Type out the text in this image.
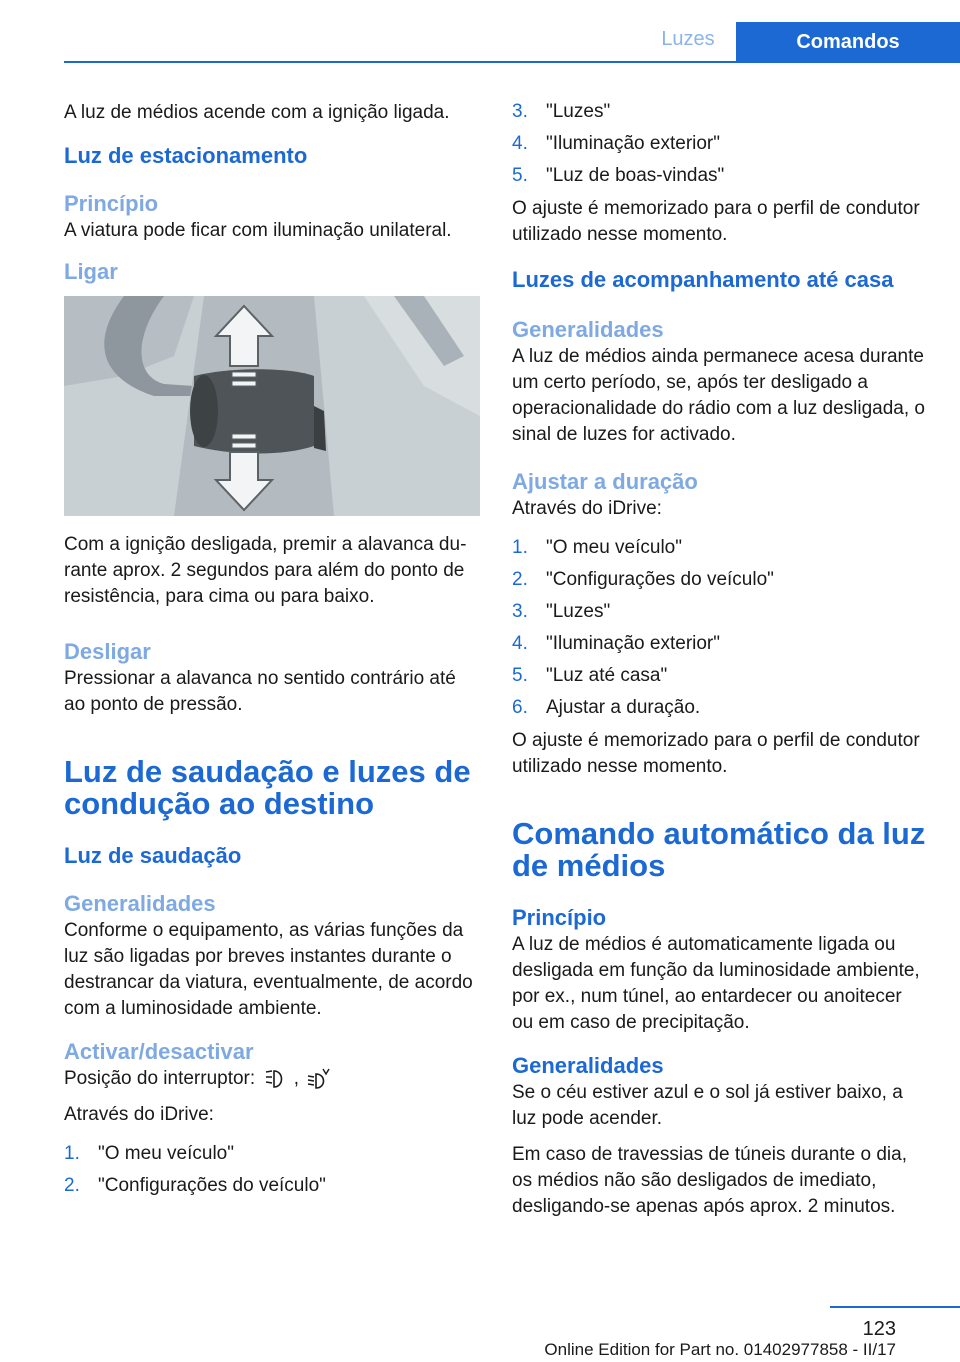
Luzes	Comandos

A luz de médios acende com a ignição ligada.

Luz de estacionamento
Princípio

A viatura pode ficar com iluminação unilateral.

Ligar

Com a ignição desligada, premir a alavanca durante aprox. 2 segundos para além do ponto de resistência, para cima ou para baixo.

Desligar

Pressionar a alavanca no sentido contrário até ao ponto de pressão.

Luz de saudação e luzes de condução ao destino
Luz de saudação
Generalidades

Conforme o equipamento, as várias funções da luz são ligadas por breves instantes durante o destrancar da viatura, eventualmente, de acordo com a luminosidade ambiente.

Activar/desactivar

Posição do interruptor: ,

Através do iDrive:

1. "O meu veículo"
2. "Configurações do veículo"
3. "Luzes"
4. "Iluminação exterior"
5. "Luz de boas-vindas"

O ajuste é memorizado para o perfil de condutor utilizado nesse momento.

Luzes de acompanhamento até casa
Generalidades

A luz de médios ainda permanece acesa durante um certo período, se, após ter desligado a operacionalidade do rádio com a luz desligada, o sinal de luzes for activado.

Ajustar a duração

Através do iDrive:

1. "O meu veículo"
2. "Configurações do veículo"
3. "Luzes"
4. "Iluminação exterior"
5. "Luz até casa"
6. Ajustar a duração.

O ajuste é memorizado para o perfil de condutor utilizado nesse momento.

Comando automático da luz de médios
Princípio

A luz de médios é automaticamente ligada ou desligada em função da luminosidade ambiente, por ex., num túnel, ao entardecer ou anoitecer ou em caso de precipitação.

Generalidades

Se o céu estiver azul e o sol já estiver baixo, a luz pode acender.

Em caso de travessias de túneis durante o dia, os médios não são desligados de imediato, desligando-se apenas após aprox. 2 minutos.

123
Online Edition for Part no. 01402977858 - II/17
